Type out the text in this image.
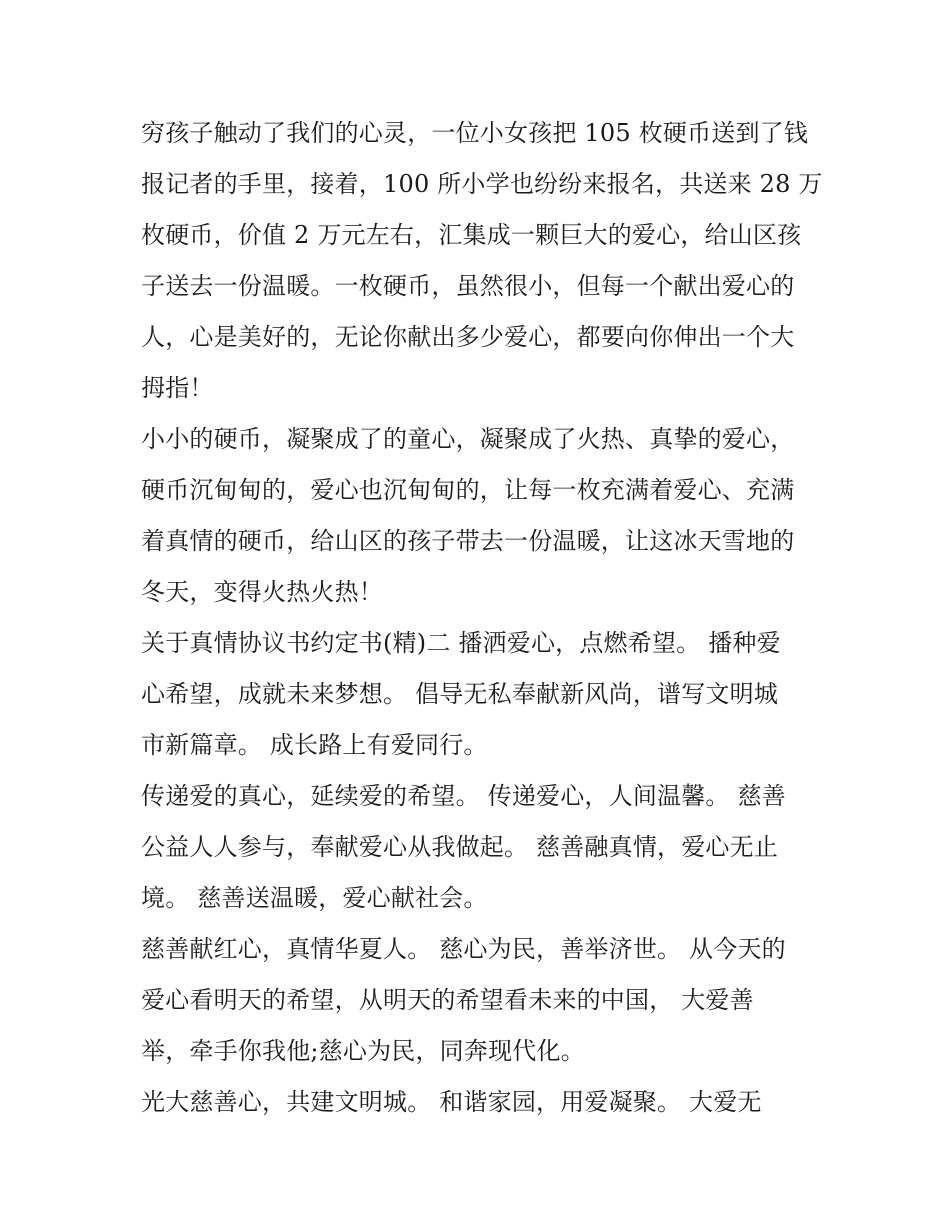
穷孩子触动了我们的心灵，一位小女孩把 105 枚硬币送到了钱
报记者的手里，接着，100 所小学也纷纷来报名，共送来 28 万
枚硬币，价值 2 万元左右，汇集成一颗巨大的爱心，给山区孩
子送去一份温暖。一枚硬币，虽然很小，但每一个献出爱心的
人，心是美好的，无论你献出多少爱心，都要向你伸出一个大
拇指！
小小的硬币，凝聚成了的童心，凝聚成了火热、真挚的爱心，
硬币沉甸甸的，爱心也沉甸甸的，让每一枚充满着爱心、充满
着真情的硬币，给山区的孩子带去一份温暖，让这冰天雪地的
冬天，变得火热火热！
关于真情协议书约定书(精)二 播洒爱心，点燃希望。 播种爱
心希望，成就未来梦想。 倡导无私奉献新风尚，谱写文明城
市新篇章。 成长路上有爱同行。
传递爱的真心，延续爱的希望。 传递爱心，人间温馨。 慈善
公益人人参与，奉献爱心从我做起。 慈善融真情，爱心无止
境。 慈善送温暖，爱心献社会。
慈善献红心，真情华夏人。 慈心为民，善举济世。 从今天的
爱心看明天的希望，从明天的希望看未来的中国， 大爱善
举，牵手你我他;慈心为民，同奔现代化。
光大慈善心，共建文明城。 和谐家园，用爱凝聚。 大爱无
